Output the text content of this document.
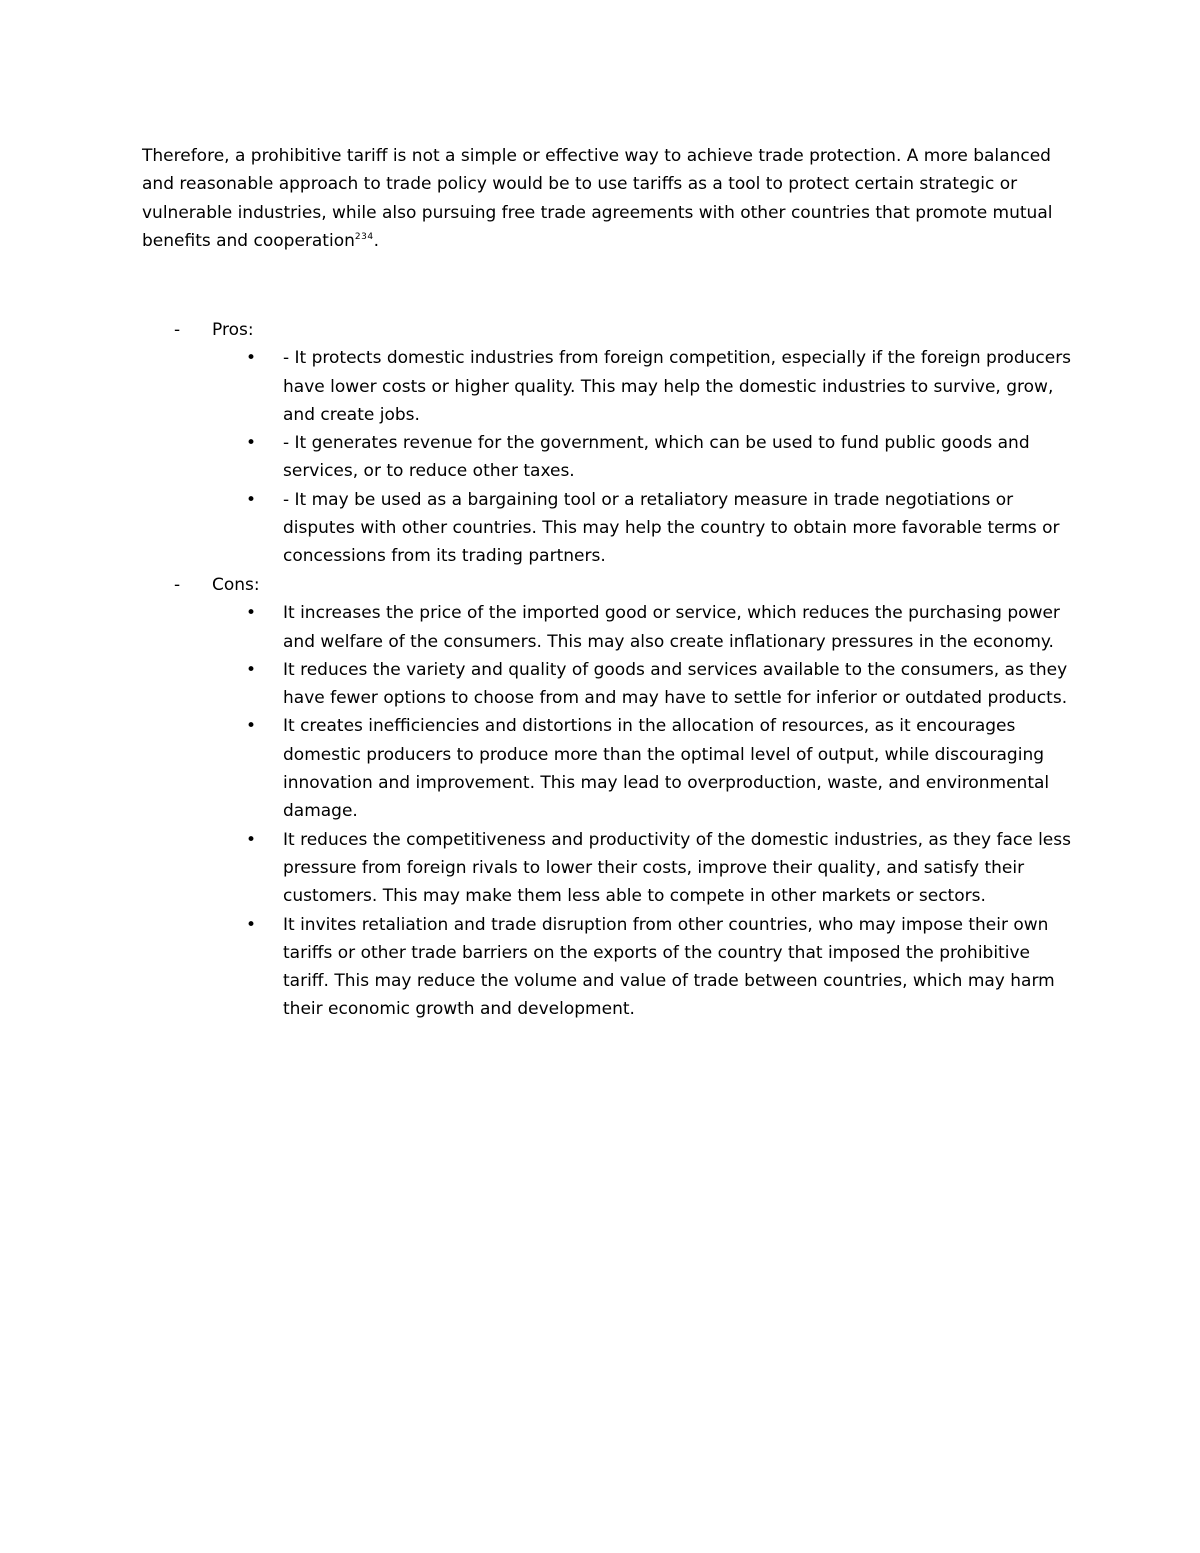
Therefore, a prohibitive tariff is not a simple or effective way to achieve trade protection. A more balanced and reasonable approach to trade policy would be to use tariffs as a tool to protect certain strategic or vulnerable industries, while also pursuing free trade agreements with other countries that promote mutual benefits and cooperation$^{234}$.

- Pros:
• - It protects domestic industries from foreign competition, especially if the foreign producers have lower costs or higher quality. This may help the domestic industries to survive, grow, and create jobs.
• - It generates revenue for the government, which can be used to fund public goods and services, or to reduce other taxes.
• - It may be used as a bargaining tool or a retaliatory measure in trade negotiations or disputes with other countries. This may help the country to obtain more favorable terms or concessions from its trading partners.
- Cons:
• It increases the price of the imported good or service, which reduces the purchasing power and welfare of the consumers. This may also create inflationary pressures in the economy.
• It reduces the variety and quality of goods and services available to the consumers, as they have fewer options to choose from and may have to settle for inferior or outdated products.
• It creates inefficiencies and distortions in the allocation of resources, as it encourages domestic producers to produce more than the optimal level of output, while discouraging innovation and improvement. This may lead to overproduction, waste, and environmental damage.
• It reduces the competitiveness and productivity of the domestic industries, as they face less pressure from foreign rivals to lower their costs, improve their quality, and satisfy their customers. This may make them less able to compete in other markets or sectors.
• It invites retaliation and trade disruption from other countries, who may impose their own tariffs or other trade barriers on the exports of the country that imposed the prohibitive tariff. This may reduce the volume and value of trade between countries, which may harm their economic growth and development.
